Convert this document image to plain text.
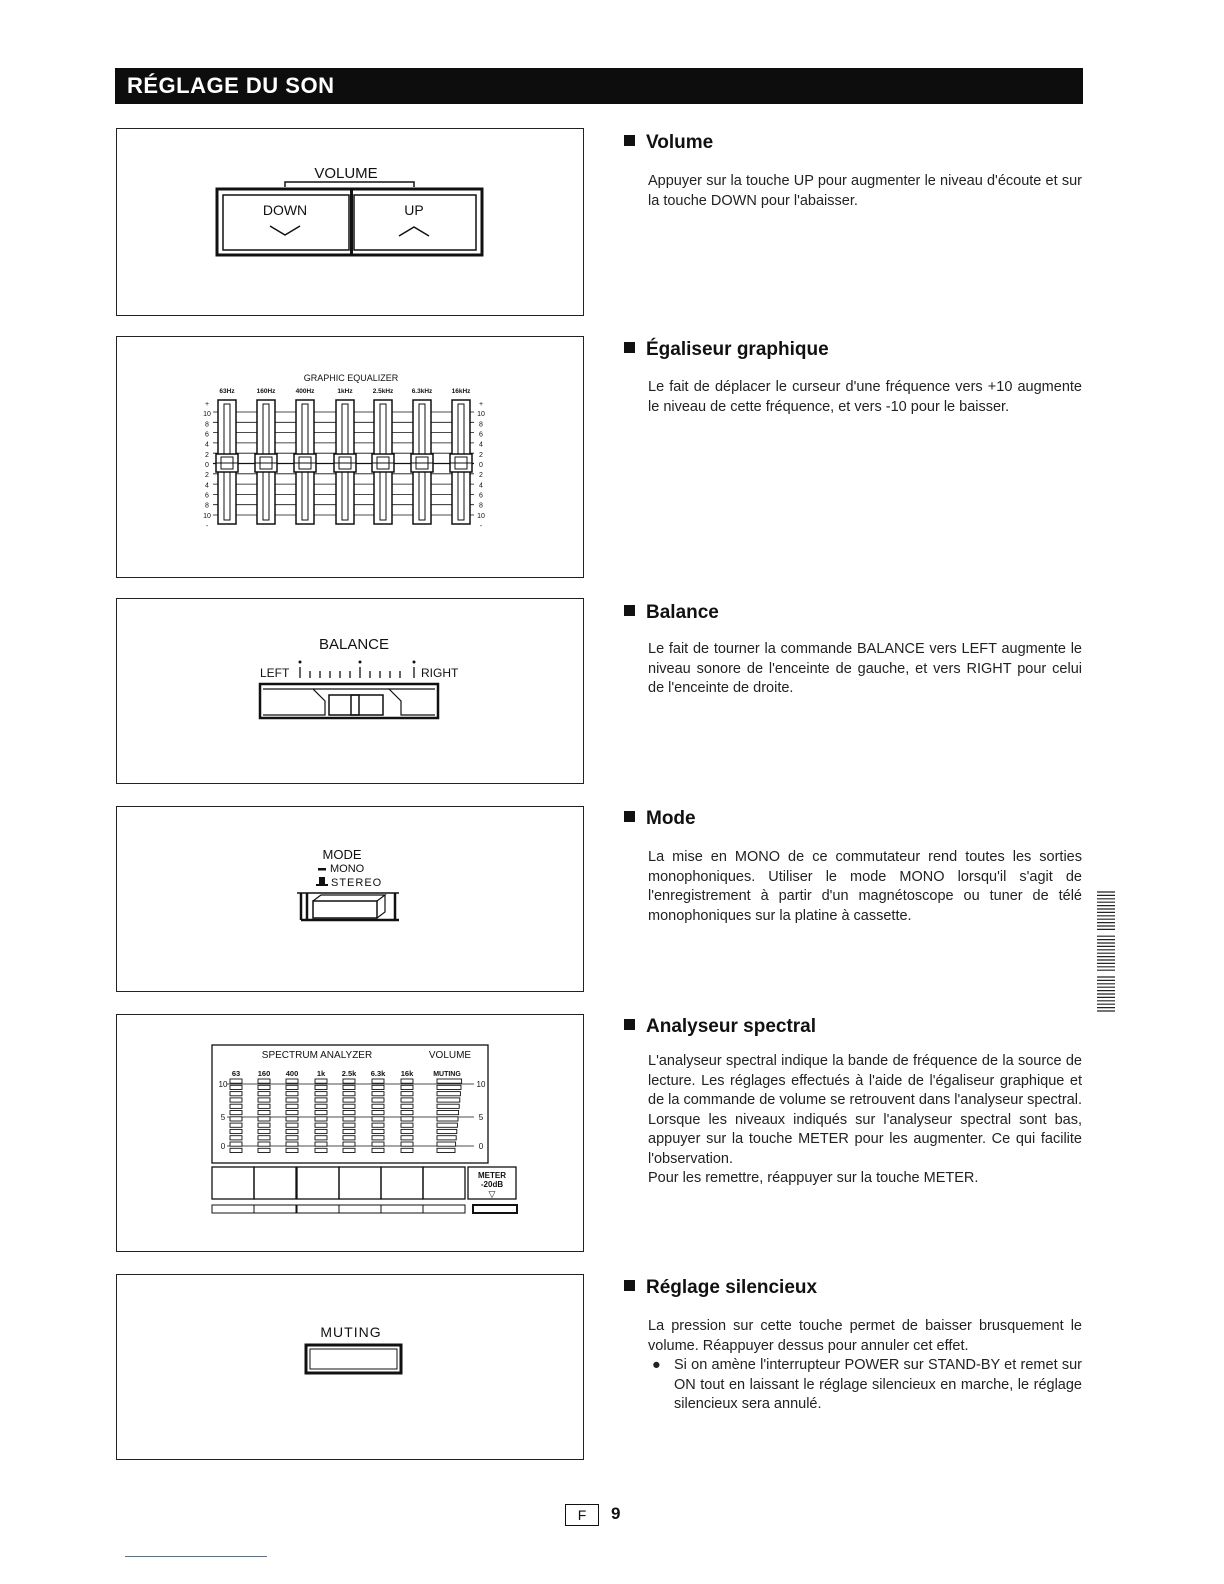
RÉGLAGE DU SON
VOLUME
DOWN	UP
GRAPHIC EQUALIZER
63Hz	160Hz	400Hz	1kHz	2.5kHz	6.3kHz	16kHz
+
10
8
6
4
2
0
2
4
6
8
10
-
+
10
8
6
4
2
0
2
4
6
8
10
-
BALANCE
LEFT	RIGHT
MODE
MONO
STEREO
SPECTRUM ANALYZER	VOLUME
63 160 400 1k 2.5k 6.3k 16k	MUTING
10	10
5	5
0	0
METER
-20dB
▽
MUTING
Volume

Appuyer sur la touche UP pour augmenter le niveau d'écoute et sur la touche DOWN pour l'abaisser.

Égaliseur graphique

Le fait de déplacer le curseur d'une fréquence vers +10 augmente le niveau de cette fréquence, et vers -10 pour le baisser.

Balance

Le fait de tourner la commande BALANCE vers LEFT augmente le niveau sonore de l'enceinte de gauche, et vers RIGHT pour celui de l'enceinte de droite.

Mode

La mise en MONO de ce commutateur rend toutes les sorties monophoniques. Utiliser le mode MONO lorsqu'il s'agit de l'enregistrement à partir d'un magnétoscope ou tuner de télé monophoniques sur la platine à cassette.

Analyseur spectral

L'analyseur spectral indique la bande de fréquence de la source de lecture. Les réglages effectués à l'aide de l'égaliseur graphique et de la commande de volume se retrouvent dans l'analyseur spectral.

Lorsque les niveaux indiqués sur l'analyseur spectral sont bas, appuyer sur la touche METER pour les augmenter. Ce qui facilite l'observation.

Pour les remettre, réappuyer sur la touche METER.

Réglage silencieux

La pression sur cette touche permet de baisser brusquement le volume. Réappuyer dessus pour annuler cet effet.

● Si on amène l'interrupteur POWER sur STAND-BY et remet sur ON tout en laissant le réglage silencieux en marche, le réglage silencieux sera annulé.
F	9
